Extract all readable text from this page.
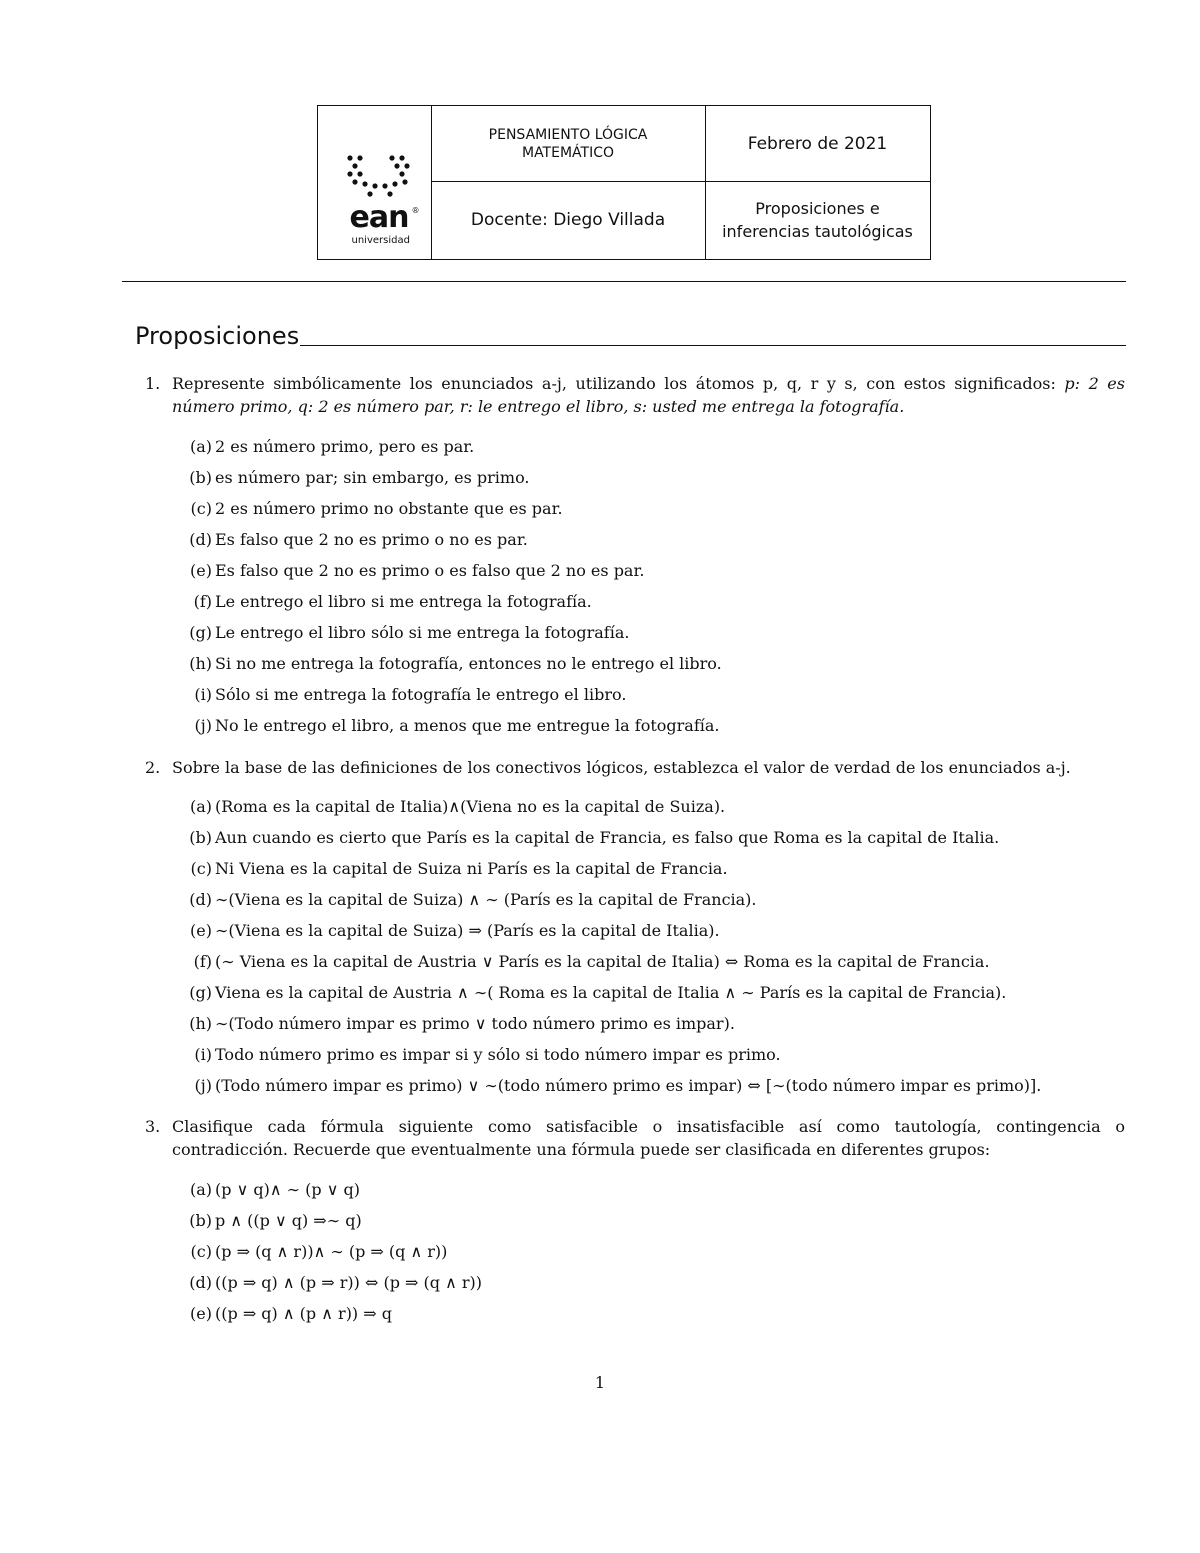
ean ®
universidad
PENSAMIENTO LÓGICA
MATEMÁTICO	Febrero de 2021
Docente: Diego Villada
Proposiciones e
inferencias tautológicas
Proposiciones
1. Represente simbólicamente los enunciados a-j, utilizando los átomos p, q, r y s, con estos significados: p: 2 es número primo, q: 2 es número par, r: le entrego el libro, s: usted me entrega la fotografía.
(a) 2 es número primo, pero es par.
(b) es número par; sin embargo, es primo.
(c) 2 es número primo no obstante que es par.
(d) Es falso que 2 no es primo o no es par.
(e) Es falso que 2 no es primo o es falso que 2 no es par.
(f) Le entrego el libro si me entrega la fotografía.
(g) Le entrego el libro sólo si me entrega la fotografía.
(h) Si no me entrega la fotografía, entonces no le entrego el libro.
(i) Sólo si me entrega la fotografía le entrego el libro.
(j) No le entrego el libro, a menos que me entregue la fotografía.
2. Sobre la base de las definiciones de los conectivos lógicos, establezca el valor de verdad de los enunciados a-j.
(a) (Roma es la capital de Italia)∧(Viena no es la capital de Suiza).
(b) Aun cuando es cierto que París es la capital de Francia, es falso que Roma es la capital de Italia.
(c) Ni Viena es la capital de Suiza ni París es la capital de Francia.
(d) ∼(Viena es la capital de Suiza) ∧ ∼ (París es la capital de Francia).
(e) ∼(Viena es la capital de Suiza) ⇒ (París es la capital de Italia).
(f) (∼ Viena es la capital de Austria ∨ París es la capital de Italia) ⇔ Roma es la capital de Francia.
(g) Viena es la capital de Austria ∧ ∼( Roma es la capital de Italia ∧ ∼ París es la capital de Francia).
(h) ∼(Todo número impar es primo ∨ todo número primo es impar).
(i) Todo número primo es impar si y sólo si todo número impar es primo.
(j) (Todo número impar es primo) ∨ ∼(todo número primo es impar) ⇔ [∼(todo número impar es primo)].
3. Clasifique cada fórmula siguiente como satisfacible o insatisfacible así como tautología, contingencia o contradicción. Recuerde que eventualmente una fórmula puede ser clasificada en diferentes grupos:
(a) (p ∨ q)∧ ∼ (p ∨ q)
(b) p ∧ ((p ∨ q) ⇒∼ q)
(c) (p ⇒ (q ∧ r))∧ ∼ (p ⇒ (q ∧ r))
(d) ((p ⇒ q) ∧ (p ⇒ r)) ⇔ (p ⇒ (q ∧ r))
(e) ((p ⇒ q) ∧ (p ∧ r)) ⇒ q
1
